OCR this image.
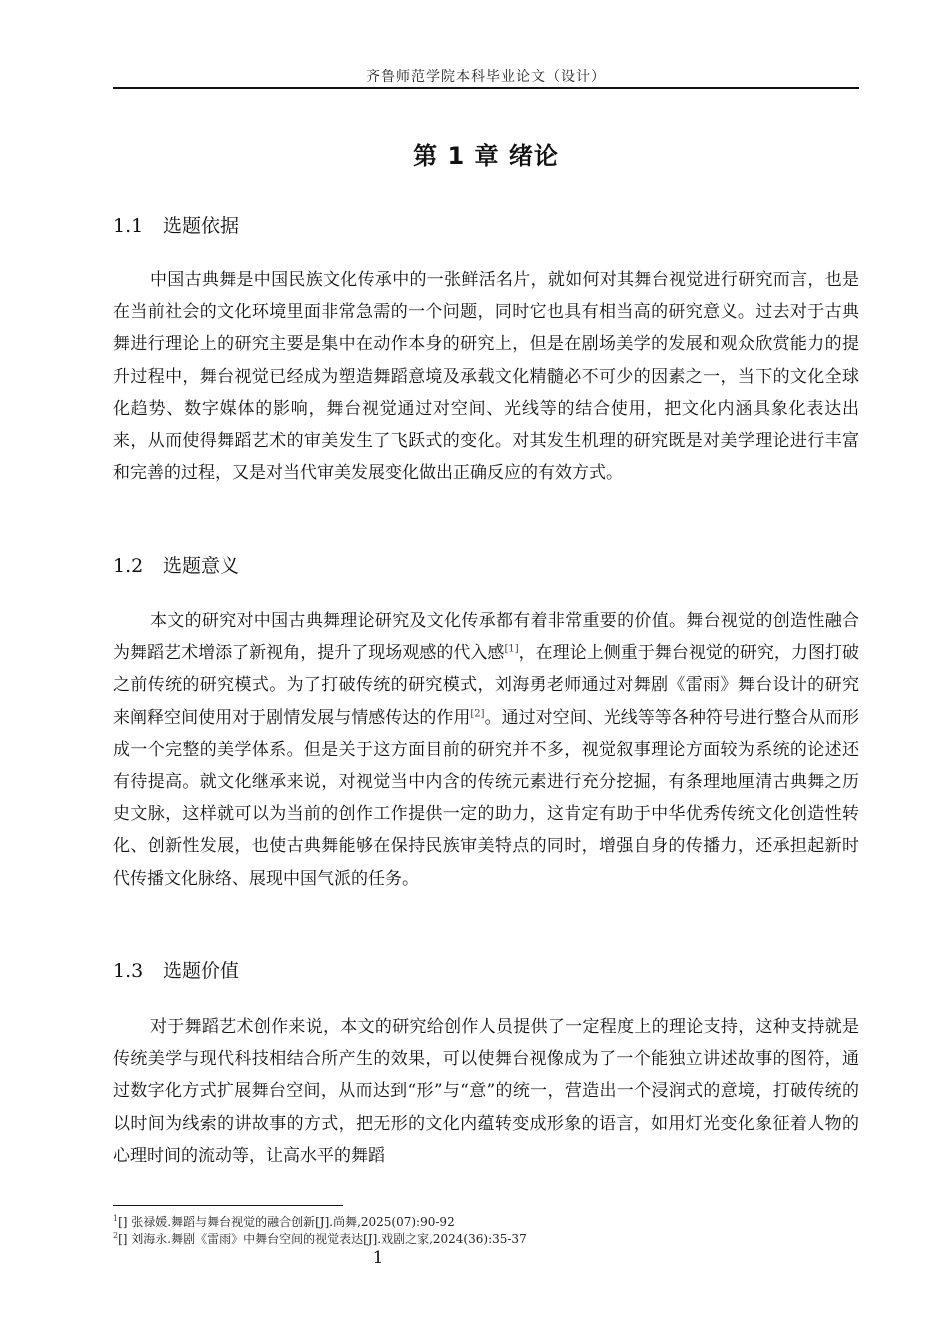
齐鲁师范学院本科毕业论文（设计）
第 1 章 绪论
1.1 选题依据

中国古典舞是中国民族文化传承中的一张鲜活名片，就如何对其舞台视觉进行研究而言，也是在当前社会的文化环境里面非常急需的一个问题，同时它也具有相当高的研究意义。过去对于古典舞进行理论上的研究主要是集中在动作本身的研究上，但是在剧场美学的发展和观众欣赏能力的提升过程中，舞台视觉已经成为塑造舞蹈意境及承载文化精髓必不可少的因素之一，当下的文化全球化趋势、数字媒体的影响，舞台视觉通过对空间、光线等的结合使用，把文化内涵具象化表达出来，从而使得舞蹈艺术的审美发生了飞跃式的变化。对其发生机理的研究既是对美学理论进行丰富和完善的过程，又是对当代审美发展变化做出正确反应的有效方式。

1.2 选题意义

本文的研究对中国古典舞理论研究及文化传承都有着非常重要的价值。舞台视觉的创造性融合为舞蹈艺术增添了新视角，提升了现场观感的代入感[1]，在理论上侧重于舞台视觉的研究，力图打破之前传统的研究模式。为了打破传统的研究模式，刘海勇老师通过对舞剧《雷雨》舞台设计的研究来阐释空间使用对于剧情发展与情感传达的作用[2]。通过对空间、光线等等各种符号进行整合从而形成一个完整的美学体系。但是关于这方面目前的研究并不多，视觉叙事理论方面较为系统的论述还有待提高。就文化继承来说，对视觉当中内含的传统元素进行充分挖掘，有条理地厘清古典舞之历史文脉，这样就可以为当前的创作工作提供一定的助力，这肯定有助于中华优秀传统文化创造性转化、创新性发展，也使古典舞能够在保持民族审美特点的同时，增强自身的传播力，还承担起新时代传播文化脉络、展现中国气派的任务。

1.3 选题价值

对于舞蹈艺术创作来说，本文的研究给创作人员提供了一定程度上的理论支持，这种支持就是传统美学与现代科技相结合所产生的效果，可以使舞台视像成为了一个能独立讲述故事的图符，通过数字化方式扩展舞台空间，从而达到“形”与“意”的统一，营造出一个浸润式的意境，打破传统的以时间为线索的讲故事的方式，把无形的文化内蕴转变成形象的语言，如用灯光变化象征着人物的心理时间的流动等，让高水平的舞蹈

$^1$[] 张禄媛.舞蹈与舞台视觉的融合创新[J].尚舞,2025(07):90-92
$^2$[] 刘海永.舞剧《雷雨》中舞台空间的视觉表达[J].戏剧之家,2024(36):35-37
1
